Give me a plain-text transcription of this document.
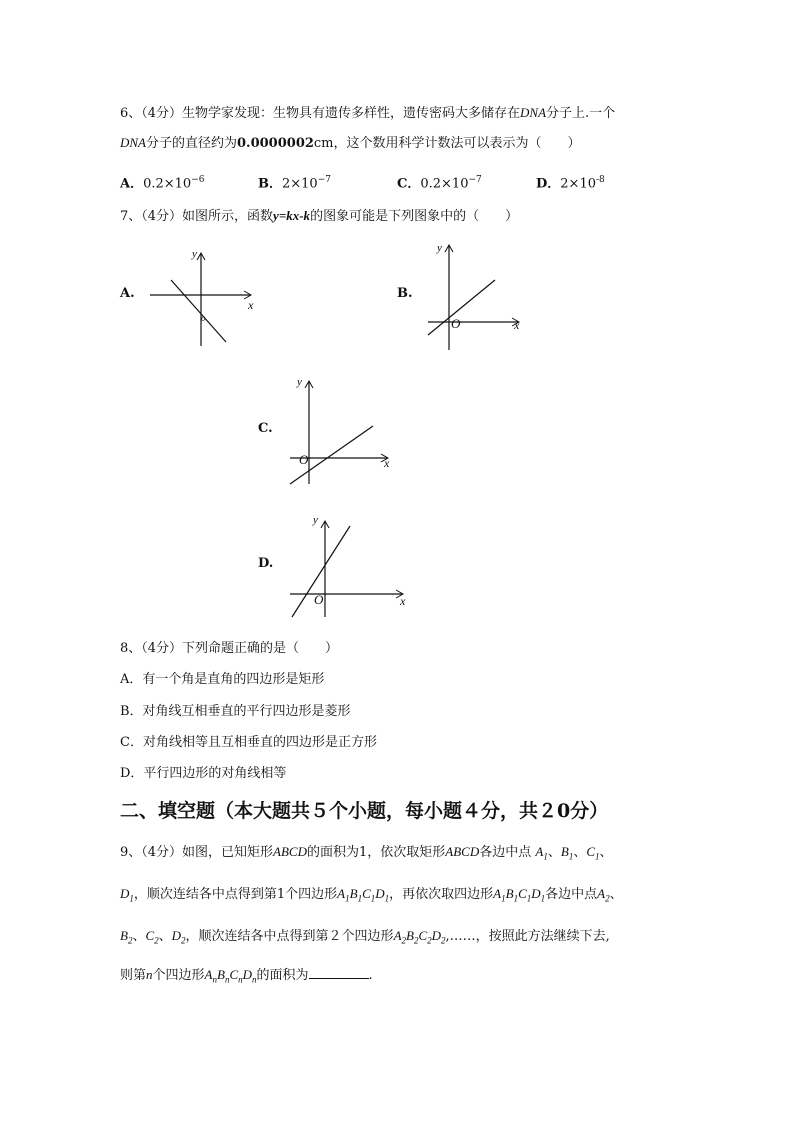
6、（4分）生物学家发现：生物具有遗传多样性，遗传密码大多储存在DNA分子上.一个
DNA分子的直径约为0.0000002cm，这个数用科学计数法可以表示为（　　）
A．$0.2\times 10^{-6}$	B．$2\times 10^{-7}$	C．$0.2\times 10^{-7}$	D．$2\times 10^{-8}$
7、（4分）如图所示，函数y=kx-k的图象可能是下列图象中的（　　）
A.
x
y
o
B.
x
y
O
C.
x
y
O
D.
x
y
O
8、（4分）下列命题正确的是（　　）
A．有一个角是直角的四边形是矩形
B．对角线互相垂直的平行四边形是菱形
C．对角线相等且互相垂直的四边形是正方形
D．平行四边形的对角线相等
二、填空题（本大题共５个小题，每小题４分，共２0分）
9、（4分）如图，已知矩形ABCD的面积为1，依次取矩形ABCD各边中点 $A_1$、$B_1$、$C_1$、
$D_1$，顺次连结各中点得到第1个四边形$A_1B_1C_1D_1$，再依次取四边形$A_1B_1C_1D_1$各边中点$A_2$、
$B_2$、$C_2$、$D_2$，顺次连结各中点得到第２个四边形$A_2B_2C_2D_2,\dots\dots$，按照此方法继续下去,
则第n个四边形$A_nB_nC_nD_n$的面积为	.
